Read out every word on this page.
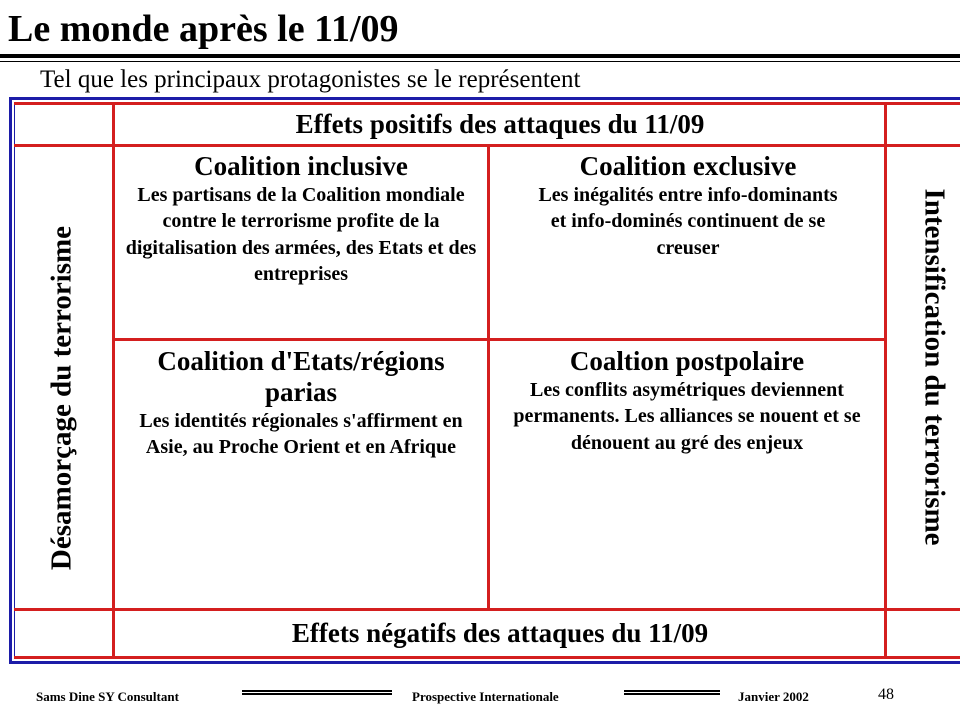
Le monde après le 11/09
Tel que les principaux protagonistes se le représentent
Effets positifs des attaques du 11/09
Effets négatifs des attaques du 11/09
Désamorçage du terrorisme	Intensification du terrorisme
Coalition inclusive
Les partisans de la Coalition mondiale contre le terrorisme profite de la digitalisation des armées, des Etats et des entreprises
Coalition exclusive
Les inégalités entre info-dominants et info-dominés continuent de se creuser
Coalition d'Etats/régions parias
Les identités régionales s'affirment en Asie, au Proche Orient et en Afrique
Coaltion postpolaire
Les conflits asymétriques deviennent permanents. Les alliances se nouent et se dénouent au gré des enjeux
Sams Dine SY Consultant	Prospective Internationale	Janvier 2002	48
